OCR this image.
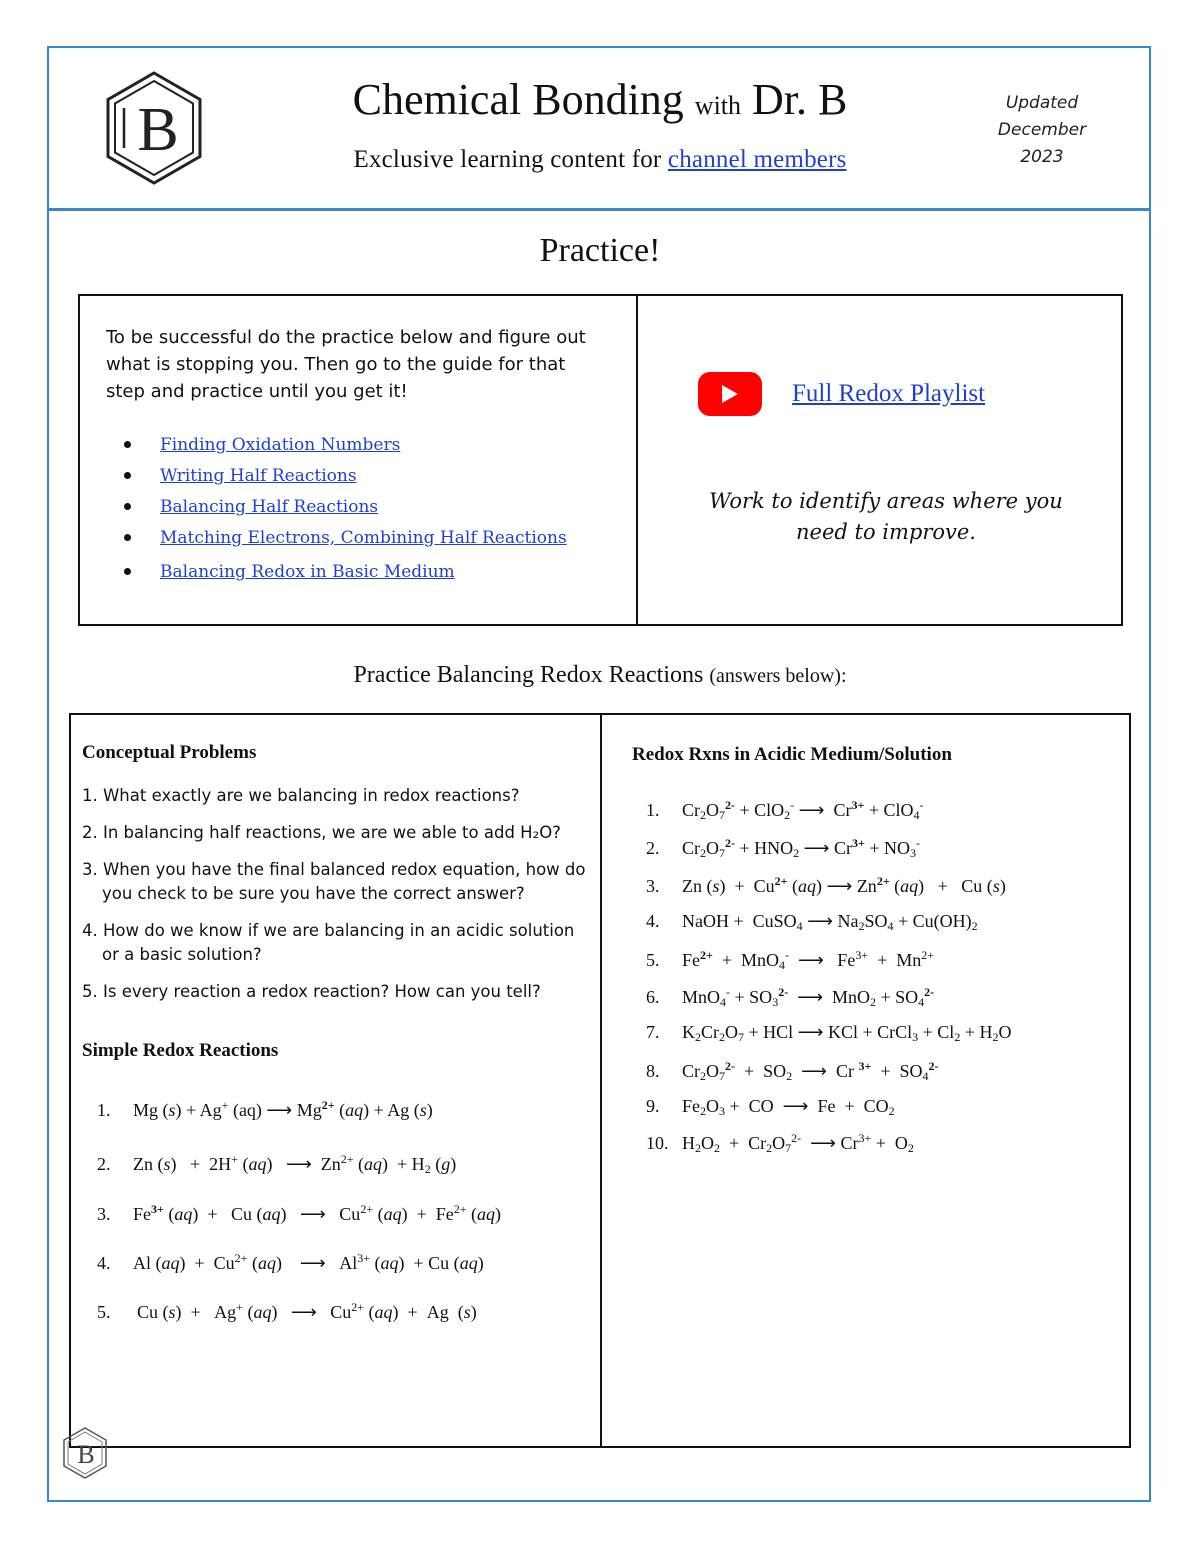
B	Chemical Bonding with Dr. B
Exclusive learning content for channel members
Updated
December
2023
Practice!
To be successful do the practice below and figure out what is stopping you. Then go to the guide for that step and practice until you get it!
Finding Oxidation Numbers
Writing Half Reactions
Balancing Half Reactions
Matching Electrons, Combining Half Reactions
Balancing Redox in Basic Medium
Full Redox Playlist
Work to identify areas where you need to improve.
Practice Balancing Redox Reactions (answers below):
Conceptual Problems
1. What exactly are we balancing in redox reactions?
2. In balancing half reactions, we are we able to add H₂O?
3. When you have the final balanced redox equation, how do you check to be sure you have the correct answer?
4. How do we know if we are balancing in an acidic solution or a basic solution?
5. Is every reaction a redox reaction? How can you tell?
Simple Redox Reactions
1. Mg (s) + Ag+ (aq) ⟶ $Mg^{2+}$ (aq) + Ag (s)
2. Zn (s)   +  2H+ (aq)   ⟶  $Zn^{2+}$ $(aq) + H_2$ (g)
3. $Fe^{3+}$ (aq)  +   Cu (aq)   ⟶   $Cu^{2+}$ $(aq) + Fe^{2+}$ (aq)
4. Al $(aq) + Cu^{2+}$ (aq)    ⟶   $Al^{3+}$ (aq)  + Cu (aq)
5. Cu (s)  +   Ag+ (aq)   ⟶   $Cu^{2+}$ (aq)  +  Ag  (s)
Redox Rxns in Acidic Medium/Solution
1. $Cr_2O_7^{2-} + ClO_2^-$ ⟶  $Cr^{3+} + ClO_4^-$
2. $Cr_2O_7^{2-} + HNO_2$ ⟶ $Cr^{3+} + NO_3^-$
3. Zn $(s) + Cu^{2+}$ (aq) ⟶ $Zn^{2+}$ (aq)   +   Cu (s)
4. NaOH +  CuSO$_4$ ⟶ $Na_2SO_4 + Cu(OH)_2$
5. $Fe^{2+} + MnO_4^-$  ⟶   $Fe^{3+} + Mn^{2+}$
6. $MnO_4^- + SO_3^{2-}$  ⟶  $MnO_2 + SO_4^{2-}$
7. $K_2Cr_2O_7$ + HCl ⟶ KCl + CrCl$_3$ + $Cl_2 + H_2O$
8. $Cr_2O_7^{2-} + SO_2$  ⟶  Cr $^{3+} + SO_4^{2-}$
9. $Fe_2O_3$ +  CO  ⟶  $Fe + CO_2$
10. $H_2O_2 + Cr_2O_7^{2-}$  ⟶ $Cr^{3+} + O_2$
B
